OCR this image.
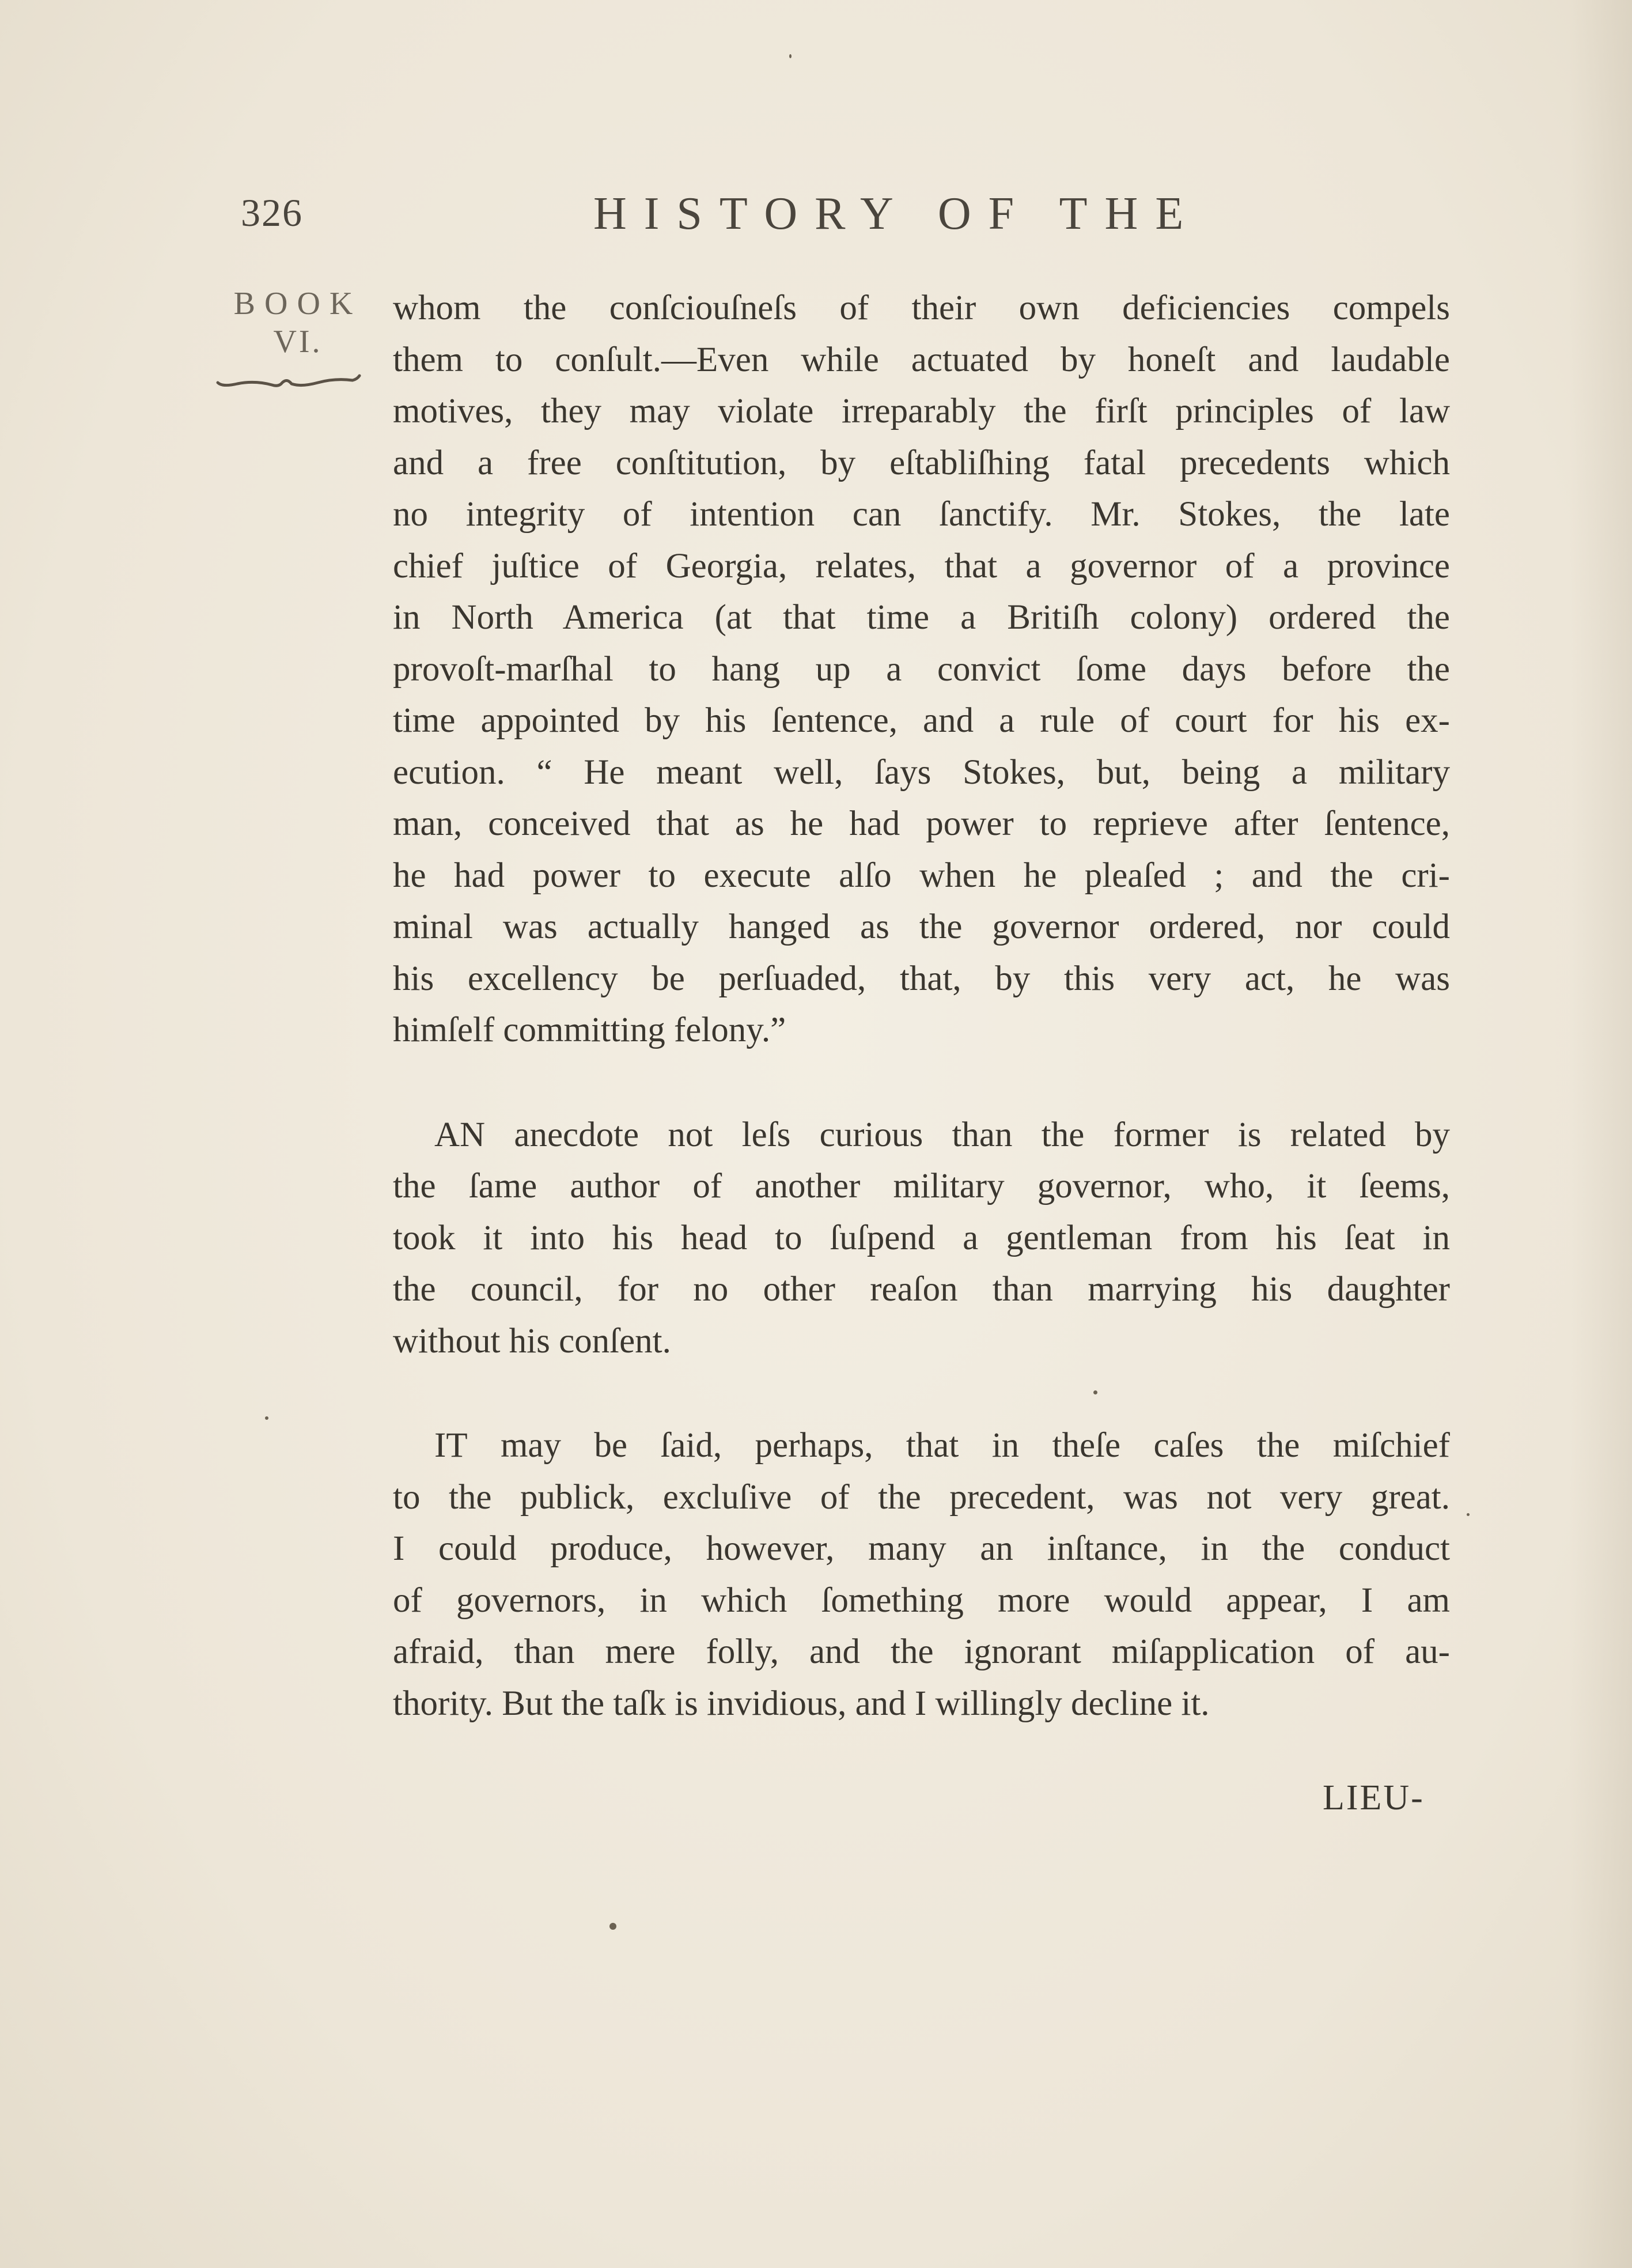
326	HISTORY OF THE
BOOK
VI.
whom the conſciouſneſs of their own deficiencies compels
them to conſult.—Even while actuated by honeſt and laudable
motives, they may violate irreparably the firſt principles of law
and a free conſtitution, by eſtabliſhing fatal precedents which
no integrity of intention can ſanctify. Mr. Stokes, the late
chief juſtice of Georgia, relates, that a governor of a province
in North America (at that time a Britiſh colony) ordered the
provoſt-marſhal to hang up a convict ſome days before the
time appointed by his ſentence, and a rule of court for his ex-
ecution. “ He meant well, ſays Stokes, but, being a military
man, conceived that as he had power to reprieve after ſentence,
he had power to execute alſo when he pleaſed ; and the cri-
minal was actually hanged as the governor ordered, nor could
his excellency be perſuaded, that, by this very act, he was
himſelf committing felony.”
AN anecdote not leſs curious than the former is related by
the ſame author of another military governor, who, it ſeems,
took it into his head to ſuſpend a gentleman from his ſeat in
the council, for no other reaſon than marrying his daughter
without his conſent.
IT may be ſaid, perhaps, that in theſe caſes the miſchief
to the publick, excluſive of the precedent, was not very great.
I could produce, however, many an inſtance, in the conduct
of governors, in which ſomething more would appear, I am
afraid, than mere folly, and the ignorant miſapplication of au-
thority. But the taſk is invidious, and I willingly decline it.
LIEU-
